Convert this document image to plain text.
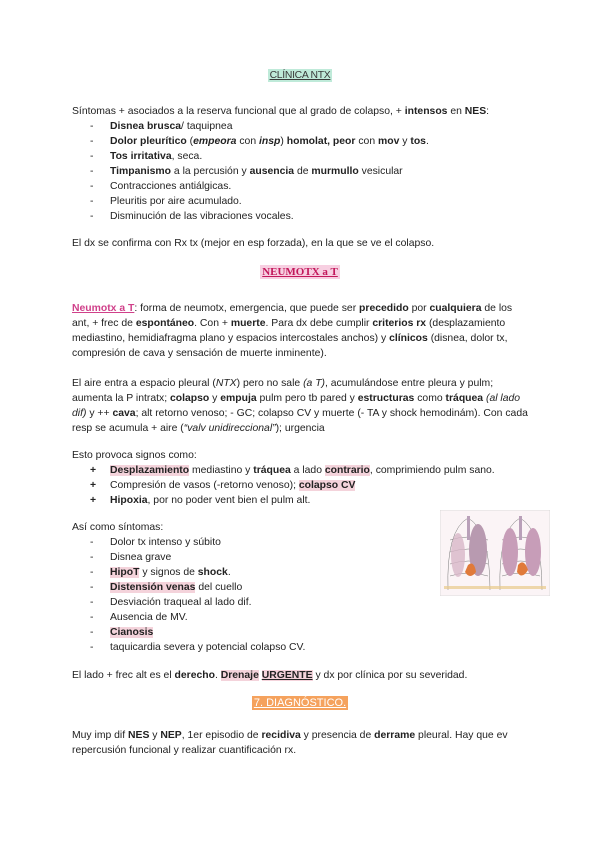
CLÍNICA NTX
Síntomas + asociados a la reserva funcional que al grado de colapso, + intensos en NES:
- Disnea brusca/ taquipnea
- Dolor pleurítico (empeora con insp) homolat, peor con mov y tos.
- Tos irritativa, seca.
- Timpanismo a la percusión y ausencia de murmullo vesicular
- Contracciones antiálgicas.
- Pleuritis por aire acumulado.
- Disminución de las vibraciones vocales.
El dx se confirma con Rx tx (mejor en esp forzada), en la que se ve el colapso.
NEUMOTX a T
Neumotx a T: forma de neumotx, emergencia, que puede ser precedido por cualquiera de los ant, + frec de espontáneo. Con + muerte. Para dx debe cumplir criterios rx (desplazamiento mediastino, hemidiafragma plano y espacios intercostales anchos) y clínicos (disnea, dolor tx, compresión de cava y sensación de muerte inminente).
El aire entra a espacio pleural (NTX) pero no sale (a T), acumulándose entre pleura y pulm; aumenta la P intratx; colapso y empuja pulm pero tb pared y estructuras como tráquea (al lado dif) y ++ cava; alt retorno venoso; - GC; colapso CV y muerte (- TA y shock hemodinám). Con cada resp se acumula + aire (“valv unidireccional”); urgencia
Esto provoca signos como:
+ Desplazamiento mediastino y tráquea a lado contrario, comprimiendo pulm sano.
+ Compresión de vasos (-retorno venoso); colapso CV
+ Hipoxia, por no poder vent bien el pulm alt.
Así como síntomas:
- Dolor tx intenso y súbito
- Disnea grave
- HipoT y signos de shock.
- Distensión venas del cuello
- Desviación traqueal al lado dif.
- Ausencia de MV.
- Cianosis
- taquicardia severa y potencial colapso CV.
El lado + frec alt es el derecho. Drenaje URGENTE y dx por clínica por su severidad.
7. DIAGNÓSTICO.
Muy imp dif NES y NEP, 1er episodio de recidiva y presencia de derrame pleural. Hay que ev repercusión funcional y realizar cuantificación rx.
